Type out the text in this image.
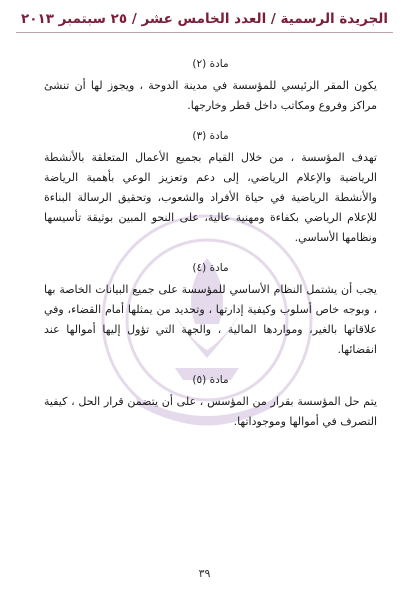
الجريدة الرسمية / العدد الخامس عشر / ٢٥ سبتمبر ٢٠١٣

مادة (٢)

يكون المقر الرئيسي للمؤسسة في مدينة الدوحة ، ويجوز لها أن تنشئ مراكز وفروع ومكاتب داخل قطر وخارجها.

مادة (٣)

تهدف المؤسسة ، من خلال القيام بجميع الأعمال المتعلقة بالأنشطة الرياضية والإعلام الرياضي، إلى دعم وتعزيز الوعي بأهمية الرياضة والأنشطة الرياضية في حياة الأفراد والشعوب، وتحقيق الرسالة البناءة للإعلام الرياضي بكفاءة ومهنية عالية، على النحو المبين بوثيقة تأسيسها ونظامها الأساسي.

مادة (٤)

يجب أن يشتمل النظام الأساسي للمؤسسة على جميع البيانات الخاصة بها ، وبوجه خاص أسلوب وكيفية إدارتها ، وتحديد من يمثلها أمام القضاء، وفي علاقاتها بالغير، ومواردها المالية ، والجهة التي تؤول إليها أموالها عند انقضائها.

مادة (٥)

يتم حل المؤسسة بقرار من المؤسس ، على أن يتضمن قرار الحل ، كيفية التصرف في أموالها وموجوداتها.

٣٩
